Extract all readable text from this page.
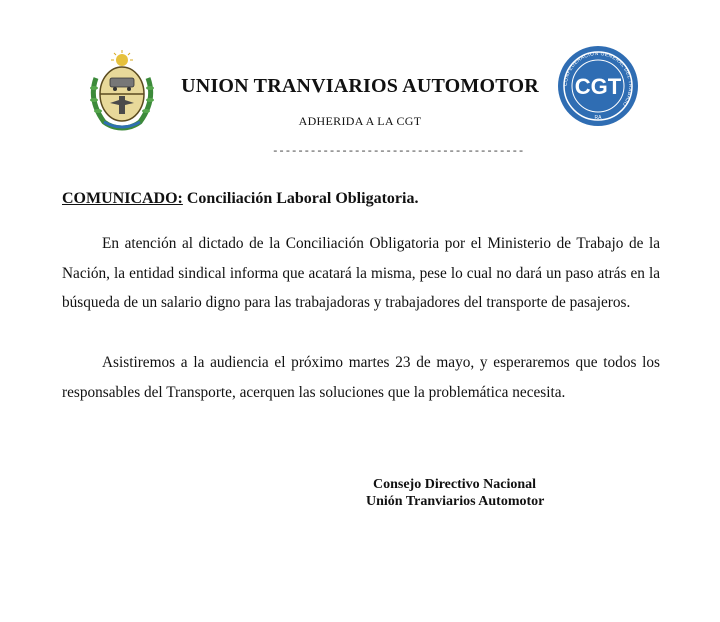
CGT
CONFEDERACION GENERAL DEL TRABAJO
RA
UNION TRANVIARIOS AUTOMOTOR
ADHERIDA A LA CGT
----------------------------------------
COMUNICADO: Conciliación Laboral Obligatoria.
En atención al dictado de la Conciliación Obligatoria por el Ministerio de Trabajo de la Nación, la entidad sindical informa que acatará la misma, pese lo cual no dará un paso atrás en la búsqueda de un salario digno para las trabajadoras y trabajadores del transporte de pasajeros.
Asistiremos a la audiencia el próximo martes 23 de mayo, y esperaremos que todos los responsables del Transporte, acerquen las soluciones que la problemática necesita.
Consejo Directivo Nacional
Unión Tranviarios Automotor
